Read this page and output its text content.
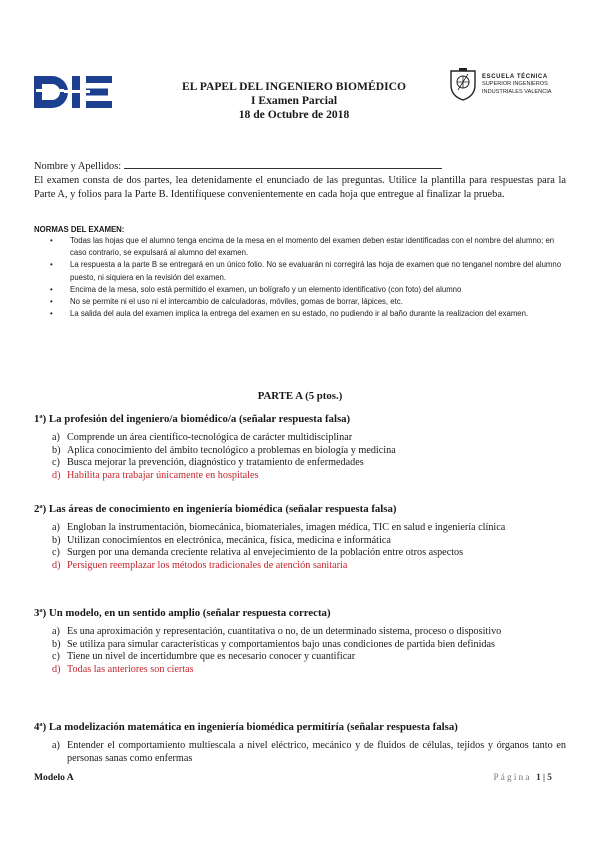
EL PAPEL DEL INGENIERO BIOMÉDICO
I Examen Parcial
18 de Octubre de 2018
ESCUELA TÉCNICA
SUPERIOR INGENIEROS
INDUSTRIALES VALENCIA
Nombre y Apellidos:
El examen consta de dos partes, lea detenidamente el enunciado de las preguntas. Utilice la plantilla para respuestas para la Parte A, y folios para la Parte B. Identifíquese convenientemente en cada hoja que entregue al finalizar la prueba.
NORMAS DEL EXAMEN:
• Todas las hojas que el alumno tenga encima de la mesa en el momento del examen deben estar identificadas con el nombre del alumno; en caso contrario, se expulsará al alumno del examen.
• La respuesta a la parte B se entregará en un único folio. No se evaluarán ni corregirá las hoja de examen que no tenganel nombre del alumno puesto, ni siquiera en la revisión del examen.
• Encima de la mesa, solo está permitido el examen, un bolígrafo y un elemento identificativo (con foto) del alumno
• No se permite ni el uso ni el intercambio de calculadoras, móviles, gomas de borrar, lápices, etc.
• La salida del aula del examen implica la entrega del examen en su estado, no pudiendo ir al baño durante la realizacion del examen.
PARTE A (5 ptos.)
1ª) La profesión del ingeniero/a biomédico/a (señalar respuesta falsa)
a) Comprende un área científico-tecnológica de carácter multidisciplinar
b) Aplica conocimiento del ámbito tecnológico a problemas en biología y medicina
c) Busca mejorar la prevención, diagnóstico y tratamiento de enfermedades
d) Habilita para trabajar únicamente en hospitales
2ª) Las áreas de conocimiento en ingeniería biomédica (señalar respuesta falsa)
a) Engloban la instrumentación, biomecánica, biomateriales, imagen médica, TIC en salud e ingeniería clínica
b) Utilizan conocimientos en electrónica, mecánica, física, medicina e informática
c) Surgen por una demanda creciente relativa al envejecimiento de la población entre otros aspectos
d) Persiguen reemplazar los métodos tradicionales de atención sanitaria
3ª) Un modelo, en un sentido amplio (señalar respuesta correcta)
a) Es una aproximación y representación, cuantitativa o no, de un determinado sistema, proceso o dispositivo
b) Se utiliza para simular características y comportamientos bajo unas condiciones de partida bien definidas
c) Tiene un nivel de incertidumbre que es necesario conocer y cuantificar
d) Todas las anteriores son ciertas
4ª) La modelización matemática en ingeniería biomédica permitiría (señalar respuesta falsa)
a) Entender el comportamiento multiescala a nivel eléctrico, mecánico y de fluidos de células, tejidos y órganos tanto en personas sanas como enfermas
Modelo A	Página 1|5
